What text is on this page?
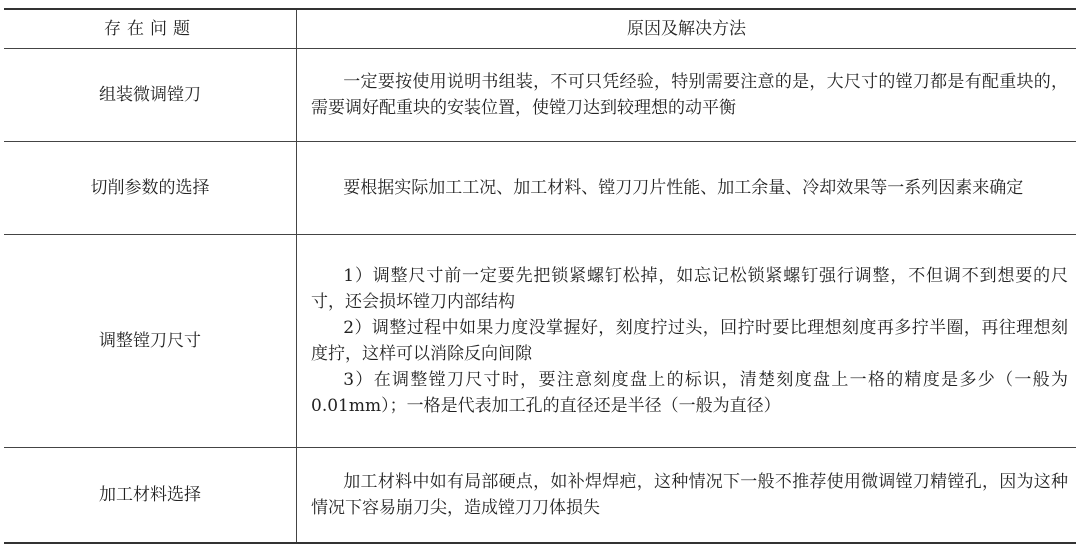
存在问题	原因及解决方法
组装微调镗刀	一定要按使用说明书组装，不可只凭经验，特别需要注意的是，大尺寸的镗刀都是有配重块的，需要调好配重块的安装位置，使镗刀达到较理想的动平衡

切削参数的选择	要根据实际加工工况、加工材料、镗刀刀片性能、加工余量、冷却效果等一系列因素来确定

调整镗刀尺寸	1）调整尺寸前一定要先把锁紧螺钉松掉，如忘记松锁紧螺钉强行调整，不但调不到想要的尺寸，还会损坏镗刀内部结构
2）调整过程中如果力度没掌握好，刻度拧过头，回拧时要比理想刻度再多拧半圈，再往理想刻度拧，这样可以消除反向间隙
3）在调整镗刀尺寸时，要注意刻度盘上的标识，清楚刻度盘上一格的精度是多少（一般为0.01mm）；一格是代表加工孔的直径还是半径（一般为直径）

加工材料选择	加工材料中如有局部硬点，如补焊焊疤，这种情况下一般不推荐使用微调镗刀精镗孔，因为这种情况下容易崩刀尖，造成镗刀刀体损失
